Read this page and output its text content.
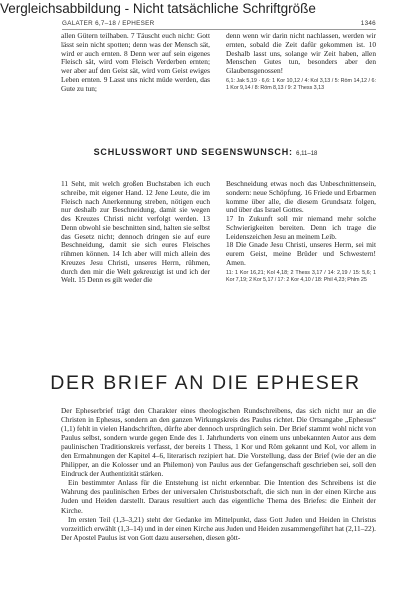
Vergleichsabbildung - Nicht tatsächliche Schriftgröße
GALATER 6,7–18 / EPHESER	1346

allen Gütern teilhaben. 7 Täuscht euch nicht: Gott lässt sein nicht spotten; denn was der Mensch sät, wird er auch ernten. 8 Denn wer auf sein eigenes Fleisch sät, wird vom Fleisch Verderben ernten; wer aber auf den Geist sät, wird vom Geist ewiges Leben ernten. 9 Lasst uns nicht müde werden, das Gute zu tun;

denn wenn wir darin nicht nachlassen, werden wir ernten, sobald die Zeit dafür gekommen ist. 10 Deshalb lasst uns, solange wir Zeit haben, allen Menschen Gutes tun, besonders aber den Glaubensgenossen!

6,1: Jak 5,19 · 6,6: 1 Kor 10,12 / 4: Kol 3,13 / 5: Röm 14,12 / 6: 1 Kor 9,14 / 8: Röm 8,13 / 9: 2 Thess 3,13
SCHLUSSWORT UND SEGENSWUNSCH: 6,11–18

11 Seht, mit welch großen Buchstaben ich euch schreibe, mit eigener Hand. 12 Jene Leute, die im Fleisch nach Anerkennung streben, nötigen euch nur deshalb zur Beschneidung, damit sie wegen des Kreuzes Christi nicht verfolgt werden. 13 Denn obwohl sie beschnitten sind, halten sie selbst das Gesetz nicht; dennoch dringen sie auf eure Beschneidung, damit sie sich eures Fleisches rühmen können. 14 Ich aber will mich allein des Kreuzes Jesu Christi, unseres Herrn, rühmen, durch den mir die Welt gekreuzigt ist und ich der Welt. 15 Denn es gilt weder die

Beschneidung etwas noch das Unbeschnittensein, sondern: neue Schöpfung. 16 Friede und Erbarmen komme über alle, die diesem Grundsatz folgen, und über das Israel Gottes.

17 In Zukunft soll mir niemand mehr solche Schwierigkeiten bereiten. Denn ich trage die Leidenszeichen Jesu an meinem Leib.

18 Die Gnade Jesu Christi, unseres Herrn, sei mit eurem Geist, meine Brüder und Schwestern! Amen.

11: 1 Kor 16,21; Kol 4,18; 2 Thess 3,17 / 14: 2,19 / 15: 5,6; 1 Kor 7,19; 2 Kor 5,17 / 17: 2 Kor 4,10 / 18: Phil 4,23; Phlm 25
DER BRIEF AN DIE EPHESER

Der Epheserbrief trägt den Charakter eines theologischen Rundschreibens, das sich nicht nur an die Christen in Ephesus, sondern an den ganzen Wirkungskreis des Paulus richtet. Die Ortsangabe „Ephesus“ (1,1) fehlt in vielen Handschriften, dürfte aber dennoch ursprünglich sein. Der Brief stammt wohl nicht von Paulus selbst, sondern wurde gegen Ende des 1. Jahrhunderts von einem uns unbekannten Autor aus dem paulinischen Traditionskreis verfasst, der bereits 1 Thess, 1 Kor und Röm gekannt und Kol, vor allem in den Ermahnungen der Kapitel 4–6, literarisch rezipiert hat. Die Vorstellung, dass der Brief (wie der an die Philipper, an die Kolosser und an Philemon) von Paulus aus der Gefangenschaft geschrieben sei, soll den Eindruck der Authentizität stärken.

Ein bestimmter Anlass für die Entstehung ist nicht erkennbar. Die Intention des Schreibens ist die Wahrung des paulinischen Erbes der universalen Christusbotschaft, die sich nun in der einen Kirche aus Juden und Heiden darstellt. Daraus resultiert auch das eigentliche Thema des Briefes: die Einheit der Kirche.

Im ersten Teil (1,3–3,21) steht der Gedanke im Mittelpunkt, dass Gott Juden und Heiden in Christus vorzeitlich erwählt (1,3–14) und in der einen Kirche aus Juden und Heiden zusammengeführt hat (2,11–22). Der Apostel Paulus ist von Gott dazu ausersehen, diesen gött-
